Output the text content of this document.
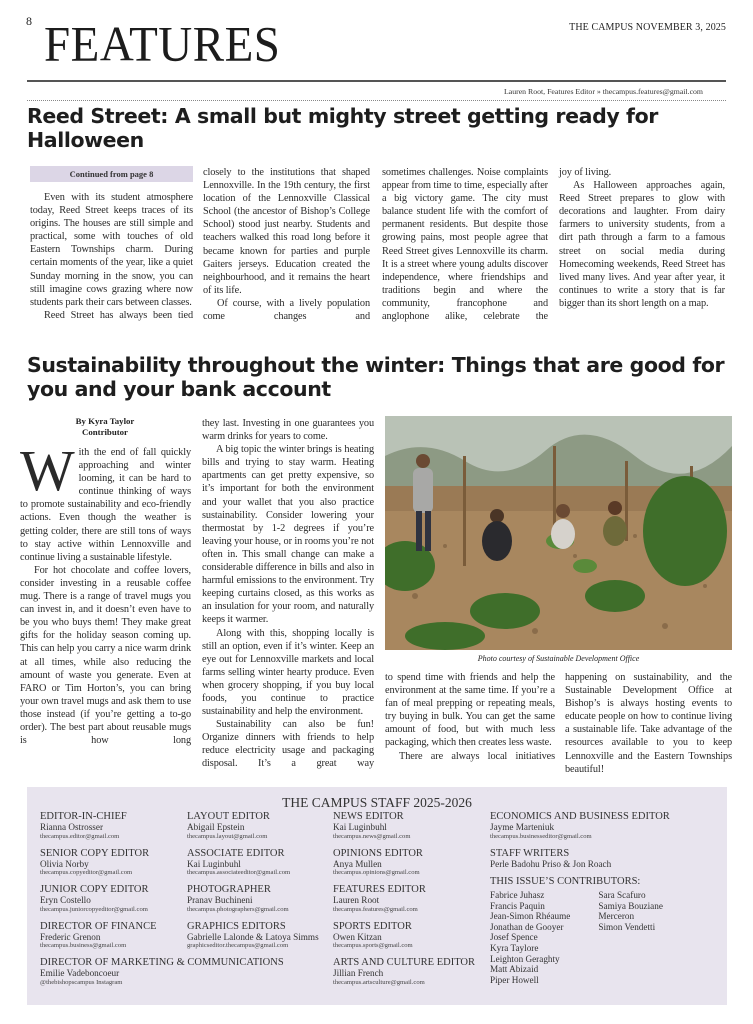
8	THE CAMPUS NOVEMBER 3, 2025
FEATURES
Lauren Root, Features Editor » thecampus.features@gmail.com
Reed Street: A small but mighty street getting ready for Halloween
Continued from page 8

Even with its student atmosphere today, Reed Street keeps traces of its origins. The houses are still simple and practical, some with touches of old Eastern Townships charm. During certain moments of the year, like a quiet Sunday morning in the snow, you can still imagine cows grazing where now students park their cars between classes.

Reed Street has always been tied

closely to the institutions that shaped Lennoxville. In the 19th century, the first location of the Lennoxville Classical School (the ancestor of Bishop’s College School) stood just nearby. Students and teachers walked this road long before it became known for parties and purple Gaiters jerseys. Education created the neighbourhood, and it remains the heart of its life.

Of course, with a lively population come changes and

sometimes challenges. Noise complaints appear from time to time, especially after a big victory game. The city must balance student life with the comfort of permanent residents. But despite those growing pains, most people agree that Reed Street gives Lennoxville its charm. It is a street where young adults discover independence, where friendships and traditions begin and where the community, francophone and anglophone alike, celebrate the

joy of living.

As Halloween approaches again, Reed Street prepares to glow with decorations and laughter. From dairy farmers to university students, from a dirt path through a farm to a famous street on social media during Homecoming weekends, Reed Street has lived many lives. And year after year, it continues to write a story that is far bigger than its short length on a map.

Sustainability throughout the winter: Things that are good for you and your bank account
By Kyra Taylor
Contributor

With the end of fall quickly approaching and winter looming, it can be hard to continue thinking of ways to promote sustainability and eco-friendly actions. Even though the weather is getting colder, there are still tons of ways to stay active within Lennoxville and continue living a sustainable lifestyle.

For hot chocolate and coffee lovers, consider investing in a reusable coffee mug. There is a range of travel mugs you can invest in, and it doesn’t even have to be you who buys them! They make great gifts for the holiday season coming up. This can help you carry a nice warm drink at all times, while also reducing the amount of waste you generate. Even at FARO or Tim Horton’s, you can bring your own travel mugs and ask them to use those instead (if you’re getting a to-go order). The best part about reusable mugs is how long

they last. Investing in one guarantees you warm drinks for years to come.

A big topic the winter brings is heating bills and trying to stay warm. Heating apartments can get pretty expensive, so it’s important for both the environment and your wallet that you also practice sustainability. Consider lowering your thermostat by 1-2 degrees if you’re leaving your house, or in rooms you’re not often in. This small change can make a considerable difference in bills and also in harmful emissions to the environment. Try keeping curtains closed, as this works as an insulation for your room, and naturally keeps it warmer.

Along with this, shopping locally is still an option, even if it’s winter. Keep an eye out for Lennoxville markets and local farms selling winter hearty produce. Even when grocery shopping, if you buy local foods, you continue to practice sustainability and help the environment.

Sustainability can also be fun! Organize dinners with friends to help reduce electricity usage and packaging disposal. It’s a great way

Photo courtesy of Sustainable Development Office

to spend time with friends and help the environment at the same time. If you’re a fan of meal prepping or repeating meals, try buying in bulk. You can get the same amount of food, but with much less packaging, which then creates less waste.

There are always local initiatives

happening on sustainability, and the Sustainable Development Office at Bishop’s is always hosting events to educate people on how to continue living a sustainable life. Take advantage of the resources available to you to keep Lennoxville and the Eastern Townships beautiful!

THE CAMPUS STAFF 2025-2026
EDITOR-IN-CHIEF
Rianna Ostrosser
thecampus.editor@gmail.com
SENIOR COPY EDITOR
Olivia Norby
thecampus.copyeditor@gmail.com
JUNIOR COPY EDITOR
Eryn Costello
thecampus.juniorcopyeditor@gmail.com
DIRECTOR OF FINANCE
Frederic Grenon
thecampus.business@gmail.com
LAYOUT EDITOR
Abigail Epstein
thecampus.layout@gmail.com
ASSOCIATE EDITOR
Kai Luginbuhl
thecampus.associateeditor@gmail.com
PHOTOGRAPHER
Pranav Buchineni
thecampus.photographers@gmail.com
GRAPHICS EDITORS
Gabrielle Lalonde & Latoya Simms
graphicseditor.thecampus@gmail.com
NEWS EDITOR
Kai Luginbuhl
thecampus.news@gmail.com
OPINIONS EDITOR
Anya Mullen
thecampus.opinions@gmail.com
FEATURES EDITOR
Lauren Root
thecampus.features@gmail.com
SPORTS EDITOR
Owen Kitzan
thecampus.sports@gmail.com
ARTS AND CULTURE EDITOR
Jillian French
thecampus.artsculture@gmail.com
ECONOMICS AND BUSINESS EDITOR
Jayme Marteniuk
thecampus.businesseditor@gmail.com
STAFF WRITERS
Perle Badohu Priso & Jon Roach
THIS ISSUE’S CONTRIBUTORS:
Fabrice Juhasz
Francis Paquin
Jean-Simon Rhéaume
Jonathan de Gooyer
Josef Spence
Kyra Taylore
Leighton Geraghty
Matt Abizaid
Piper Howell
Sara Scafuro
Samiya Bouziane
Merceron
Simon Vendetti
DIRECTOR OF MARKETING & COMMUNICATIONS
Emilie Vadeboncoeur
@thebishopscampus Instagram
